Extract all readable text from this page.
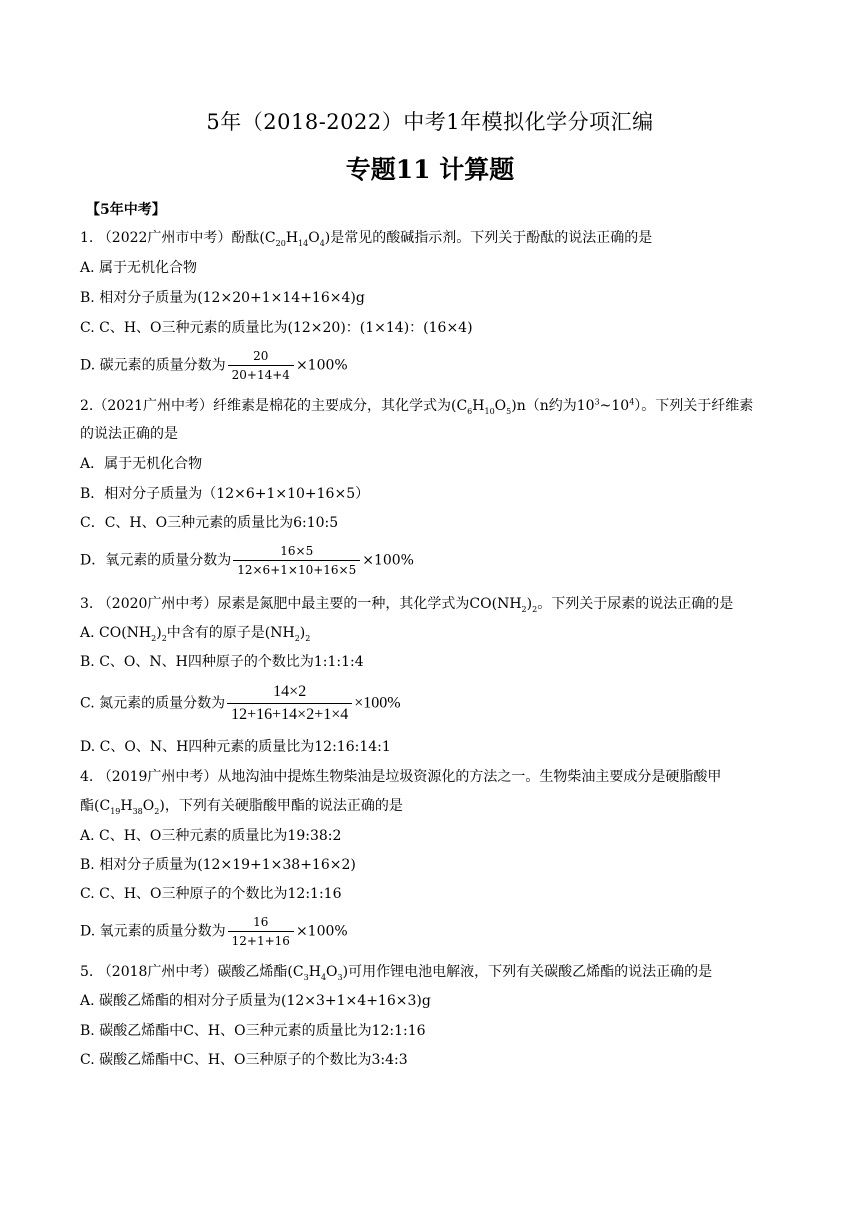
5年（2018-2022）中考1年模拟化学分项汇编
专题11 计算题
【5年中考】
1. （2022广州市中考）酚酞$(C_{20}H_{14}O_4)$是常见的酸碱指示剂。下列关于酚酞的说法正确的是
A. 属于无机化合物
B. 相对分子质量为(12×20+1×14+16×4)g
C. C、H、O三种元素的质量比为(12×20)：(1×14)：(16×4)
D. 碳元素的质量分数为 $\frac{20}{20+14+4} \times 100\%$
2.（2021广州中考）纤维素是棉花的主要成分，其化学式为$(C_6H_{10}O_5)n(n$约为$10^3\sim 10^4$）。下列关于纤维素
的说法正确的是
A．属于无机化合物
B．相对分子质量为（12×6+1×10+16×5）
C．C、H、O三种元素的质量比为6:10:5
D．氧元素的质量分数为 $\frac{16\times 5}{12\times 6+1\times 10+16\times 5} \times 100\%$
3. （2020广州中考）尿素是氮肥中最主要的一种，其化学式为$CO(NH_2)_2$。下列关于尿素的说法正确的是
A. $CO(NH_2)_2$中含有的原子是$(NH_2)_2$
B. C、O、N、H四种原子的个数比为1:1:1:4
C. 氮元素的质量分数为 $\frac{14\times 2}{12+16+14\times 2+1\times 4} \times 100\%$
D. C、O、N、H四种元素的质量比为12:16:14:1
4. （2019广州中考）从地沟油中提炼生物柴油是垃圾资源化的方法之一。生物柴油主要成分是硬脂酸甲
酯$(C_{19}H_{38}O_2)$，下列有关硬脂酸甲酯的说法正确的是
A. C、H、O三种元素的质量比为19:38:2
B. 相对分子质量为(12×19+1×38+16×2)
C. C、H、O三种原子的个数比为12:1:16
D. 氧元素的质量分数为 $\frac{16}{12+1+16} \times 100\%$
5. （2018广州中考）碳酸乙烯酯$(C_3H_4O_3)$可用作锂电池电解液，下列有关碳酸乙烯酯的说法正确的是
A. 碳酸乙烯酯的相对分子质量为(12×3+1×4+16×3)g
B. 碳酸乙烯酯中C、H、O三种元素的质量比为12:1:16
C. 碳酸乙烯酯中C、H、O三种原子的个数比为3:4:3
